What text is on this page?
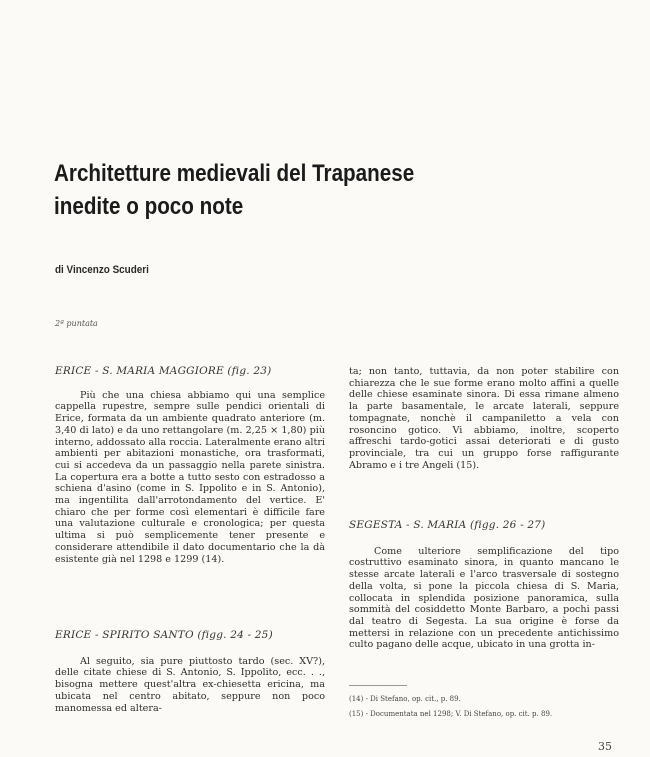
Architetture medievali del Trapanese
inedite o poco note
di Vincenzo Scuderi
2ª puntata

ERICE - S. MARIA MAGGIORE (fig. 23)

Più che una chiesa abbiamo qui una semplice cappella rupestre, sempre sulle pendici orientali di Erice, formata da un ambiente quadrato anteriore (m. 3,40 di lato) e da uno rettangolare (m. 2,25 × 1,80) più interno, addossato alla roccia. Lateralmente erano altri ambienti per abitazioni monastiche, ora trasformati, cui si accedeva da un passaggio nella parete sinistra. La copertura era a botte a tutto sesto con estradosso a schiena d'asino (come in S. Ippolito e in S. Antonio), ma ingentilita dall'arrotondamento del vertice. E' chiaro che per forme così elementari è difficile fare una valutazione culturale e cronologica; per questa ultima si può semplicemente tener presente e considerare attendibile il dato documentario che la dà esistente già nel 1298 e 1299 (14).

ERICE - SPIRITO SANTO (figg. 24 - 25)

Al seguito, sia pure piuttosto tardo (sec. XV?), delle citate chiese di S. Antonio, S. Ippolito, ecc. . ., bisogna mettere quest'altra ex-chiesetta ericina, ma ubicata nel centro abitato, seppure non poco manomessa ed altera-

ta; non tanto, tuttavia, da non poter stabilire con chiarezza che le sue forme erano molto affini a quelle delle chiese esaminate sinora. Di essa rimane almeno la parte basamentale, le arcate laterali, seppure tompagnate, nonchè il campaniletto a vela con rosoncino gotico. Vi abbiamo, inoltre, scoperto affreschi tardo-gotici assai deteriorati e di gusto provinciale, tra cui un gruppo forse raffigurante Abramo e i tre Angeli (15).

SEGESTA - S. MARIA (figg. 26 - 27)

Come ulteriore semplificazione del tipo costruttivo esaminato sinora, in quanto mancano le stesse arcate laterali e l'arco trasversale di sostegno della volta, si pone la piccola chiesa di S. Maria, collocata in splendida posizione panoramica, sulla sommità del cosiddetto Monte Barbaro, a pochi passi dal teatro di Segesta. La sua origine è forse da mettersi in relazione con un precedente antichissimo culto pagano delle acque, ubicato in una grotta in-

(14) - Di Stefano, op. cit., p. 89.
(15) - Documentata nel 1298; V. Di Stefano, op. cit. p. 89.
35
